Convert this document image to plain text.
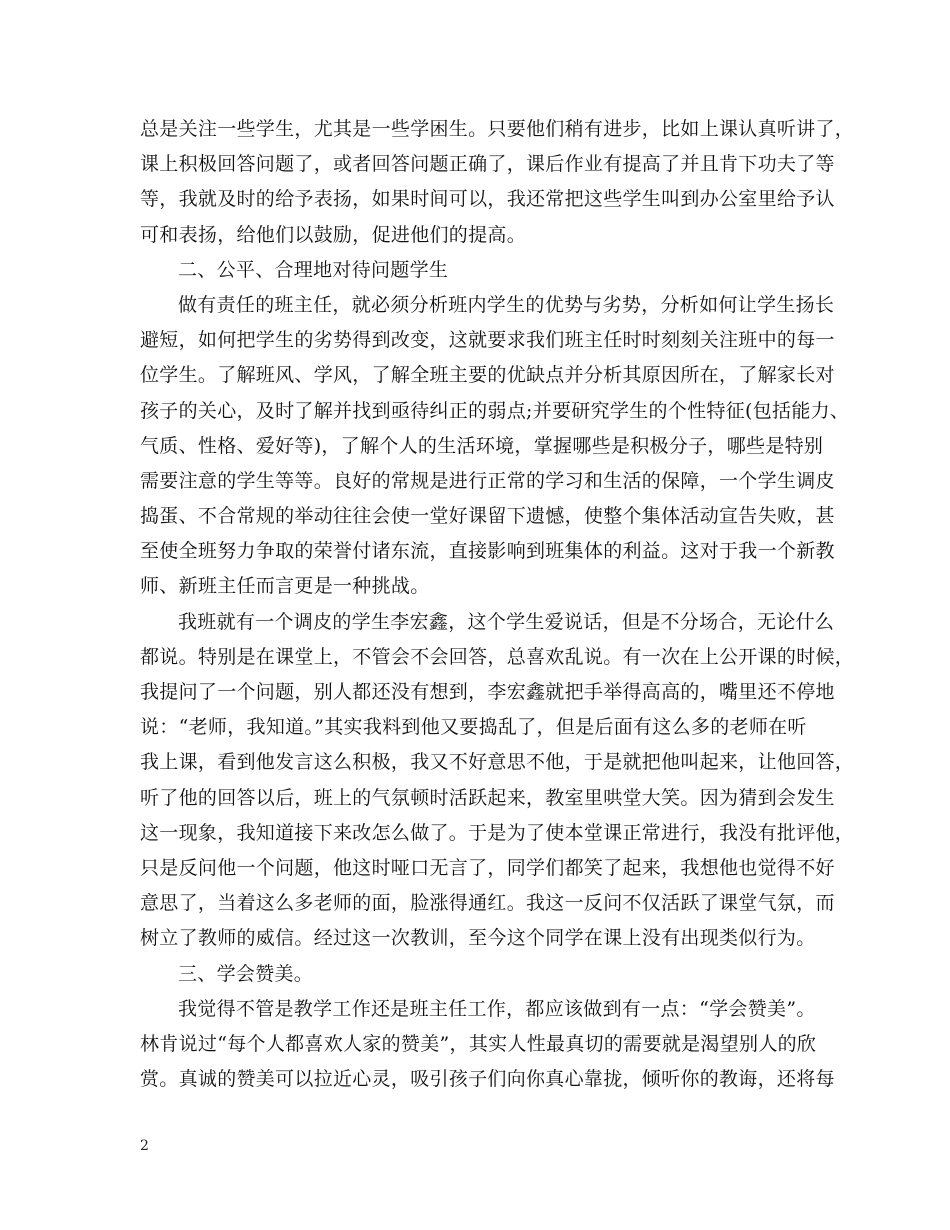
总是关注一些学生，尤其是一些学困生。只要他们稍有进步，比如上课认真听讲了，
课上积极回答问题了，或者回答问题正确了，课后作业有提高了并且肯下功夫了等
等，我就及时的给予表扬，如果时间可以，我还常把这些学生叫到办公室里给予认
可和表扬，给他们以鼓励，促进他们的提高。
二、公平、合理地对待问题学生
做有责任的班主任，就必须分析班内学生的优势与劣势，分析如何让学生扬长
避短，如何把学生的劣势得到改变，这就要求我们班主任时时刻刻关注班中的每一
位学生。了解班风、学风，了解全班主要的优缺点并分析其原因所在，了解家长对
孩子的关心，及时了解并找到亟待纠正的弱点;并要研究学生的个性特征(包括能力、
气质、性格、爱好等)，了解个人的生活环境，掌握哪些是积极分子，哪些是特别
需要注意的学生等等。良好的常规是进行正常的学习和生活的保障，一个学生调皮
捣蛋、不合常规的举动往往会使一堂好课留下遗憾，使整个集体活动宣告失败，甚
至使全班努力争取的荣誉付诸东流，直接影响到班集体的利益。这对于我一个新教
师、新班主任而言更是一种挑战。
我班就有一个调皮的学生李宏鑫，这个学生爱说话，但是不分场合，无论什么
都说。特别是在课堂上，不管会不会回答，总喜欢乱说。有一次在上公开课的时候，
我提问了一个问题，别人都还没有想到，李宏鑫就把手举得高高的，嘴里还不停地
说：“老师，我知道。”其实我料到他又要捣乱了，但是后面有这么多的老师在听
我上课，看到他发言这么积极，我又不好意思不他，于是就把他叫起来，让他回答，
听了他的回答以后，班上的气氛顿时活跃起来，教室里哄堂大笑。因为猜到会发生
这一现象，我知道接下来改怎么做了。于是为了使本堂课正常进行，我没有批评他，
只是反问他一个问题，他这时哑口无言了，同学们都笑了起来，我想他也觉得不好
意思了，当着这么多老师的面，脸涨得通红。我这一反问不仅活跃了课堂气氛，而
树立了教师的威信。经过这一次教训，至今这个同学在课上没有出现类似行为。
三、学会赞美。
我觉得不管是教学工作还是班主任工作，都应该做到有一点：“学会赞美”。
林肯说过“每个人都喜欢人家的赞美”，其实人性最真切的需要就是渴望别人的欣
赏。真诚的赞美可以拉近心灵，吸引孩子们向你真心靠拢，倾听你的教诲，还将每
2
